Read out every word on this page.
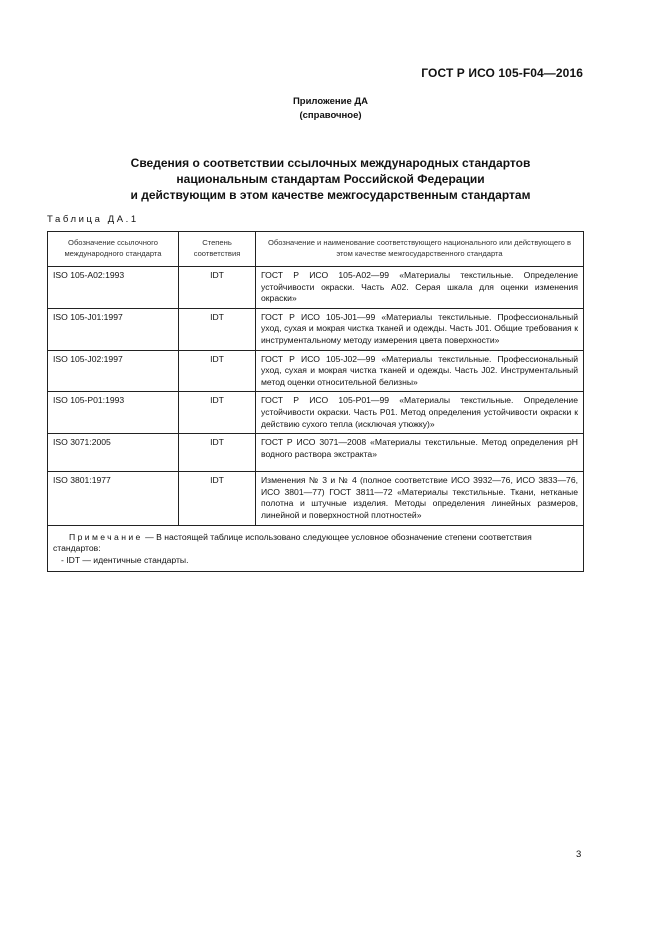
ГОСТ Р ИСО 105-F04—2016
Приложение ДА
(справочное)
Сведения о соответствии ссылочных международных стандартов
национальным стандартам Российской Федерации
и действующим в этом качестве межгосударственным стандартам
Таблица ДА.1
Обозначение ссылочного международного стандарта	Степень соответствия	Обозначение и наименование соответствующего национального или действующего в этом качестве межгосударственного стандарта
ISO 105-A02:1993	IDT	ГОСТ Р ИСО 105-А02—99 «Материалы текстильные. Определение устойчивости окраски. Часть А02. Серая шкала для оценки изменения окраски»
ISO 105-J01:1997	IDT	ГОСТ Р ИСО 105-J01—99 «Материалы текстильные. Профессиональный уход, сухая и мокрая чистка тканей и одежды. Часть J01. Общие требования к инструментальному методу измерения цвета поверхности»
ISO 105-J02:1997	IDT	ГОСТ Р ИСО 105-J02—99 «Материалы текстильные. Профессиональный уход, сухая и мокрая чистка тканей и одежды. Часть J02. Инструментальный метод оценки относительной белизны»
ISO 105-P01:1993	IDT	ГОСТ Р ИСО 105-Р01—99 «Материалы текстильные. Определение устойчивости окраски. Часть Р01. Метод определения устойчивости окраски к действию сухого тепла (исключая утюжку)»
ISO 3071:2005	IDT	ГОСТ Р ИСО 3071—2008 «Материалы текстильные. Метод определения pH водного раствора экстракта»
ISO 3801:1977	IDT	Изменения № 3 и № 4 (полное соответствие ИСО 3932—76, ИСО 3833—76, ИСО 3801—77) ГОСТ 3811—72 «Материалы текстильные. Ткани, нетканые полотна и штучные изделия. Методы определения линейных размеров, линейной и поверхностной плотностей»

Примечание — В настоящей таблице использовано следующее условное обозначение степени соответствия стандартов:
- IDT — идентичные стандарты.		
3
